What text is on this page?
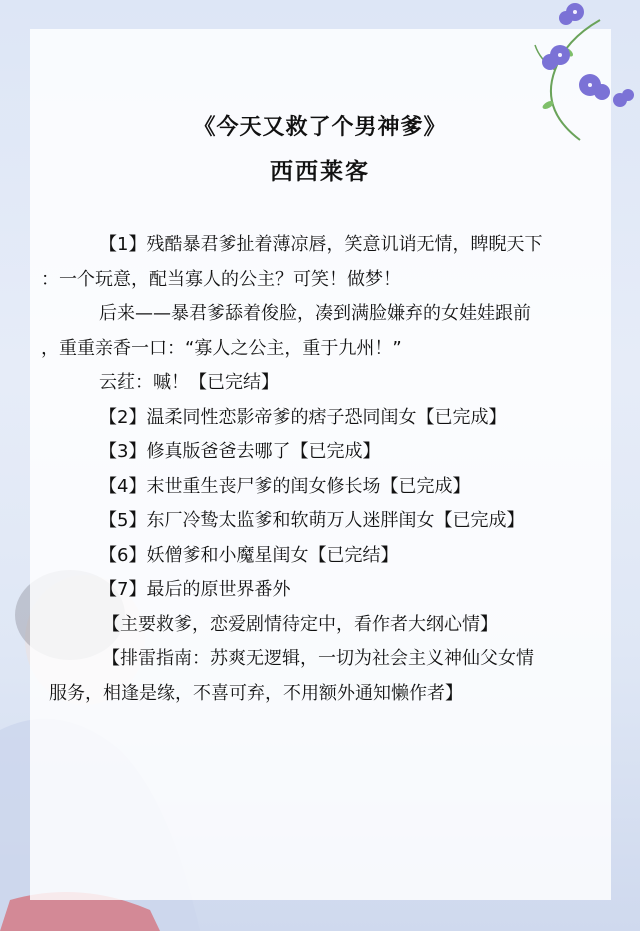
《今天又救了个男神爹》
西西莱客
【1】残酷暴君爹扯着薄凉唇，笑意讥诮无情，睥睨天下
：一个玩意，配当寡人的公主？可笑！做梦！
后来——暴君爹舔着俊脸，凑到满脸嫌弃的女娃娃跟前
，重重亲香一口：“寡人之公主，重于九州！”
云荭：嘁！【已完结】
【2】温柔同性恋影帝爹的痞子恐同闺女【已完成】
【3】修真版爸爸去哪了【已完成】
【4】末世重生丧尸爹的闺女修长场【已完成】
【5】东厂冷鸷太监爹和软萌万人迷胖闺女【已完成】
【6】妖僧爹和小魔星闺女【已完结】
【7】最后的原世界番外
【主要救爹，恋爱剧情待定中，看作者大纲心情】
【排雷指南：苏爽无逻辑，一切为社会主义神仙父女情
服务，相逢是缘，不喜可弃，不用额外通知懒作者】
